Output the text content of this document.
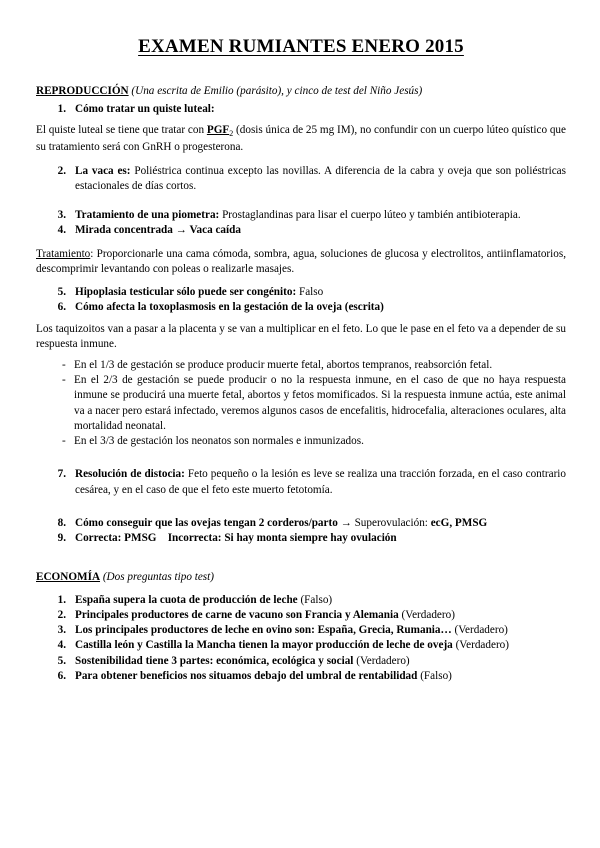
EXAMEN RUMIANTES ENERO 2015
REPRODUCCIÓN (Una escrita de Emilio (parásito), y cinco de test del Niño Jesús)
1. Cómo tratar un quiste luteal:

El quiste luteal se tiene que tratar con $PGF_2$ (dosis única de 25 mg IM), no confundir con un cuerpo lúteo quístico que su tratamiento será con GnRH o progesterona.

2. La vaca es: Poliéstrica continua excepto las novillas. A diferencia de la cabra y oveja que son poliéstricas estacionales de días cortos.
3. Tratamiento de una piometra: Prostaglandinas para lisar el cuerpo lúteo y también antibioterapia.
4. Mirada concentrada → Vaca caída

Tratamiento: Proporcionarle una cama cómoda, sombra, agua, soluciones de glucosa y electrolitos, antiinflamatorios, descomprimir levantando con poleas o realizarle masajes.

5. Hipoplasia testicular sólo puede ser congénito: Falso
6. Cómo afecta la toxoplasmosis en la gestación de la oveja (escrita)

Los taquizoitos van a pasar a la placenta y se van a multiplicar en el feto. Lo que le pase en el feto va a depender de su respuesta inmune.

- En el 1/3 de gestación se produce producir muerte fetal, abortos tempranos, reabsorción fetal.
- En el 2/3 de gestación se puede producir o no la respuesta inmune, en el caso de que no haya respuesta inmune se producirá una muerte fetal, abortos y fetos momificados. Si la respuesta inmune actúa, este animal va a nacer pero estará infectado, veremos algunos casos de encefalitis, hidrocefalia, alteraciones oculares, alta mortalidad neonatal.
- En el 3/3 de gestación los neonatos son normales e inmunizados.
7. Resolución de distocia: Feto pequeño o la lesión es leve se realiza una tracción forzada, en el caso contrario cesárea, y en el caso de que el feto este muerto fetotomía.
8. Cómo conseguir que las ovejas tengan 2 corderos/parto → Superovulación: ecG, PMSG
9. Correcta: PMSG Incorrecta: Si hay monta siempre hay ovulación
ECONOMÍA (Dos preguntas tipo test)
1. España supera la cuota de producción de leche (Falso)
2. Principales productores de carne de vacuno son Francia y Alemania (Verdadero)
3. Los principales productores de leche en ovino son: España, Grecia, Rumania… (Verdadero)
4. Castilla león y Castilla la Mancha tienen la mayor producción de leche de oveja (Verdadero)
5. Sostenibilidad tiene 3 partes: económica, ecológica y social (Verdadero)
6. Para obtener beneficios nos situamos debajo del umbral de rentabilidad (Falso)
